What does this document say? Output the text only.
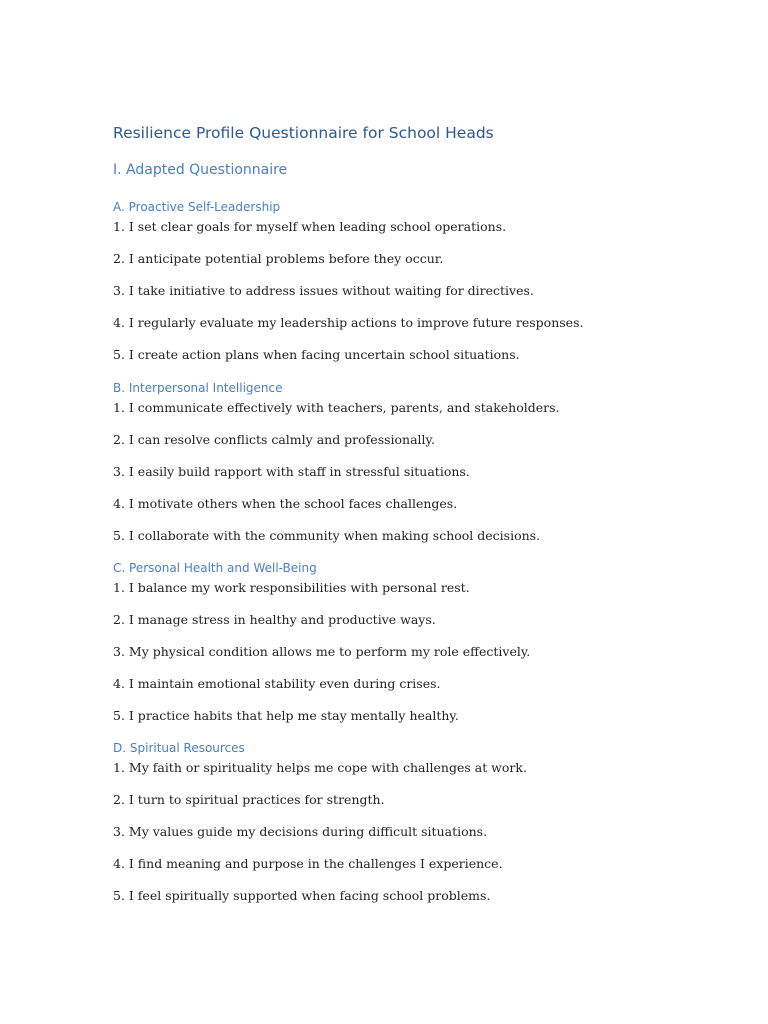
Resilience Profile Questionnaire for School Heads
I. Adapted Questionnaire
A. Proactive Self-Leadership
1. I set clear goals for myself when leading school operations.
2. I anticipate potential problems before they occur.
3. I take initiative to address issues without waiting for directives.
4. I regularly evaluate my leadership actions to improve future responses.
5. I create action plans when facing uncertain school situations.
B. Interpersonal Intelligence
1. I communicate effectively with teachers, parents, and stakeholders.
2. I can resolve conflicts calmly and professionally.
3. I easily build rapport with staff in stressful situations.
4. I motivate others when the school faces challenges.
5. I collaborate with the community when making school decisions.
C. Personal Health and Well-Being
1. I balance my work responsibilities with personal rest.
2. I manage stress in healthy and productive ways.
3. My physical condition allows me to perform my role effectively.
4. I maintain emotional stability even during crises.
5. I practice habits that help me stay mentally healthy.
D. Spiritual Resources
1. My faith or spirituality helps me cope with challenges at work.
2. I turn to spiritual practices for strength.
3. My values guide my decisions during difficult situations.
4. I find meaning and purpose in the challenges I experience.
5. I feel spiritually supported when facing school problems.
